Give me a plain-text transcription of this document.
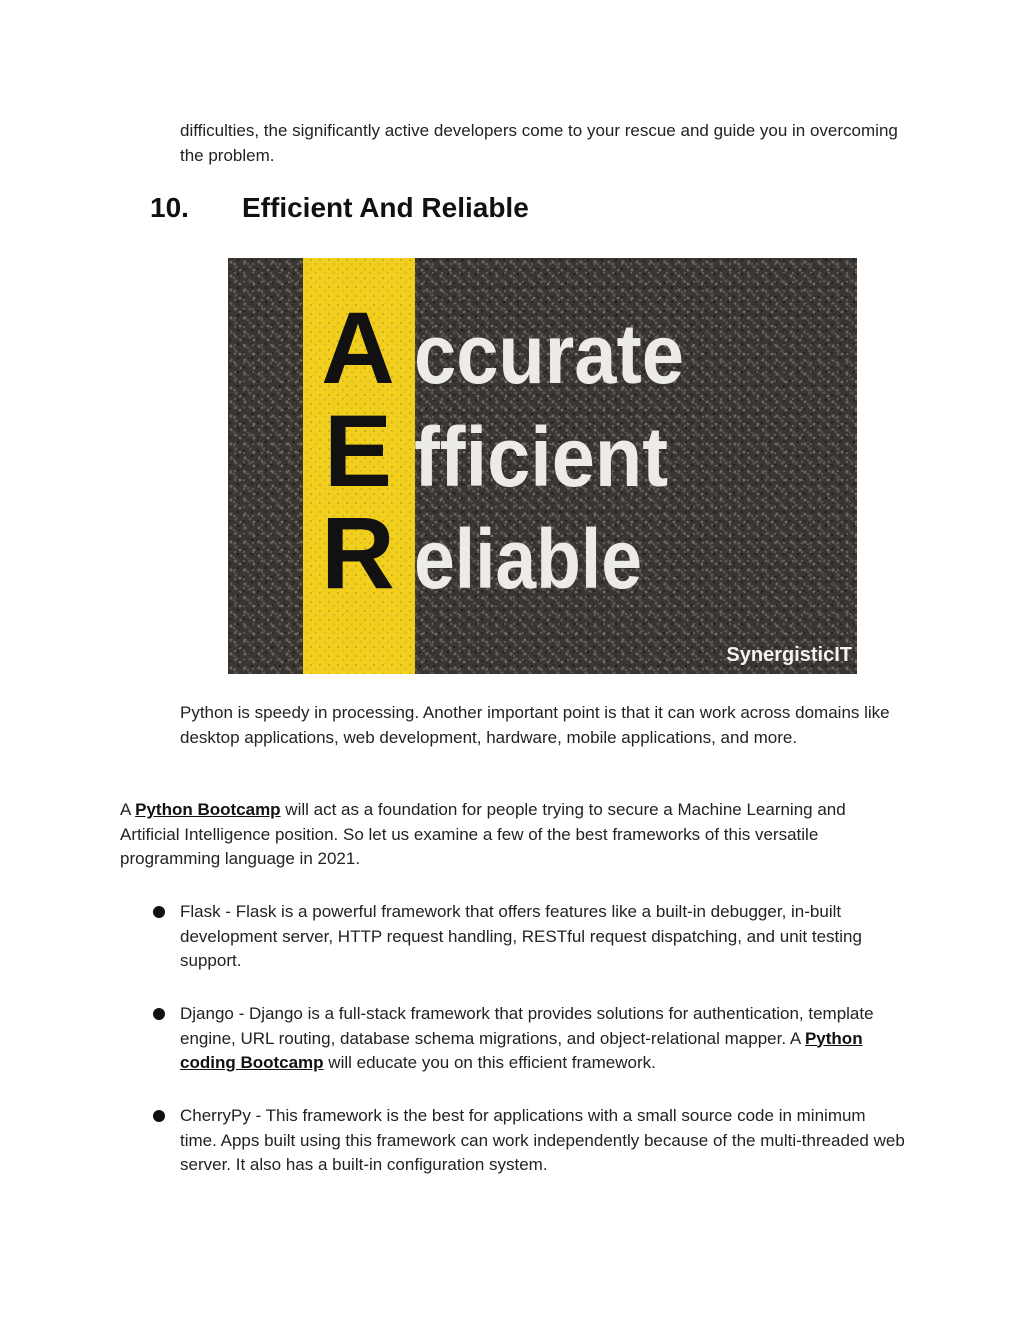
difficulties, the significantly active developers come to your rescue and guide you in overcoming the problem.

10. Efficient And Reliable
A
E
R
ccurate
fficient
eliable
SynergisticIT

Python is speedy in processing. Another important point is that it can work across domains like desktop applications, web development, hardware, mobile applications, and more.

A Python Bootcamp will act as a foundation for people trying to secure a Machine Learning and Artificial Intelligence position. So let us examine a few of the best frameworks of this versatile programming language in 2021.

Flask - Flask is a powerful framework that offers features like a built-in debugger, in-built development server, HTTP request handling, RESTful request dispatching, and unit testing support.
Django - Django is a full-stack framework that provides solutions for authentication, template engine, URL routing, database schema migrations, and object-relational mapper. A Python coding Bootcamp will educate you on this efficient framework.
CherryPy - This framework is the best for applications with a small source code in minimum time. Apps built using this framework can work independently because of the multi-threaded web server. It also has a built-in configuration system.
